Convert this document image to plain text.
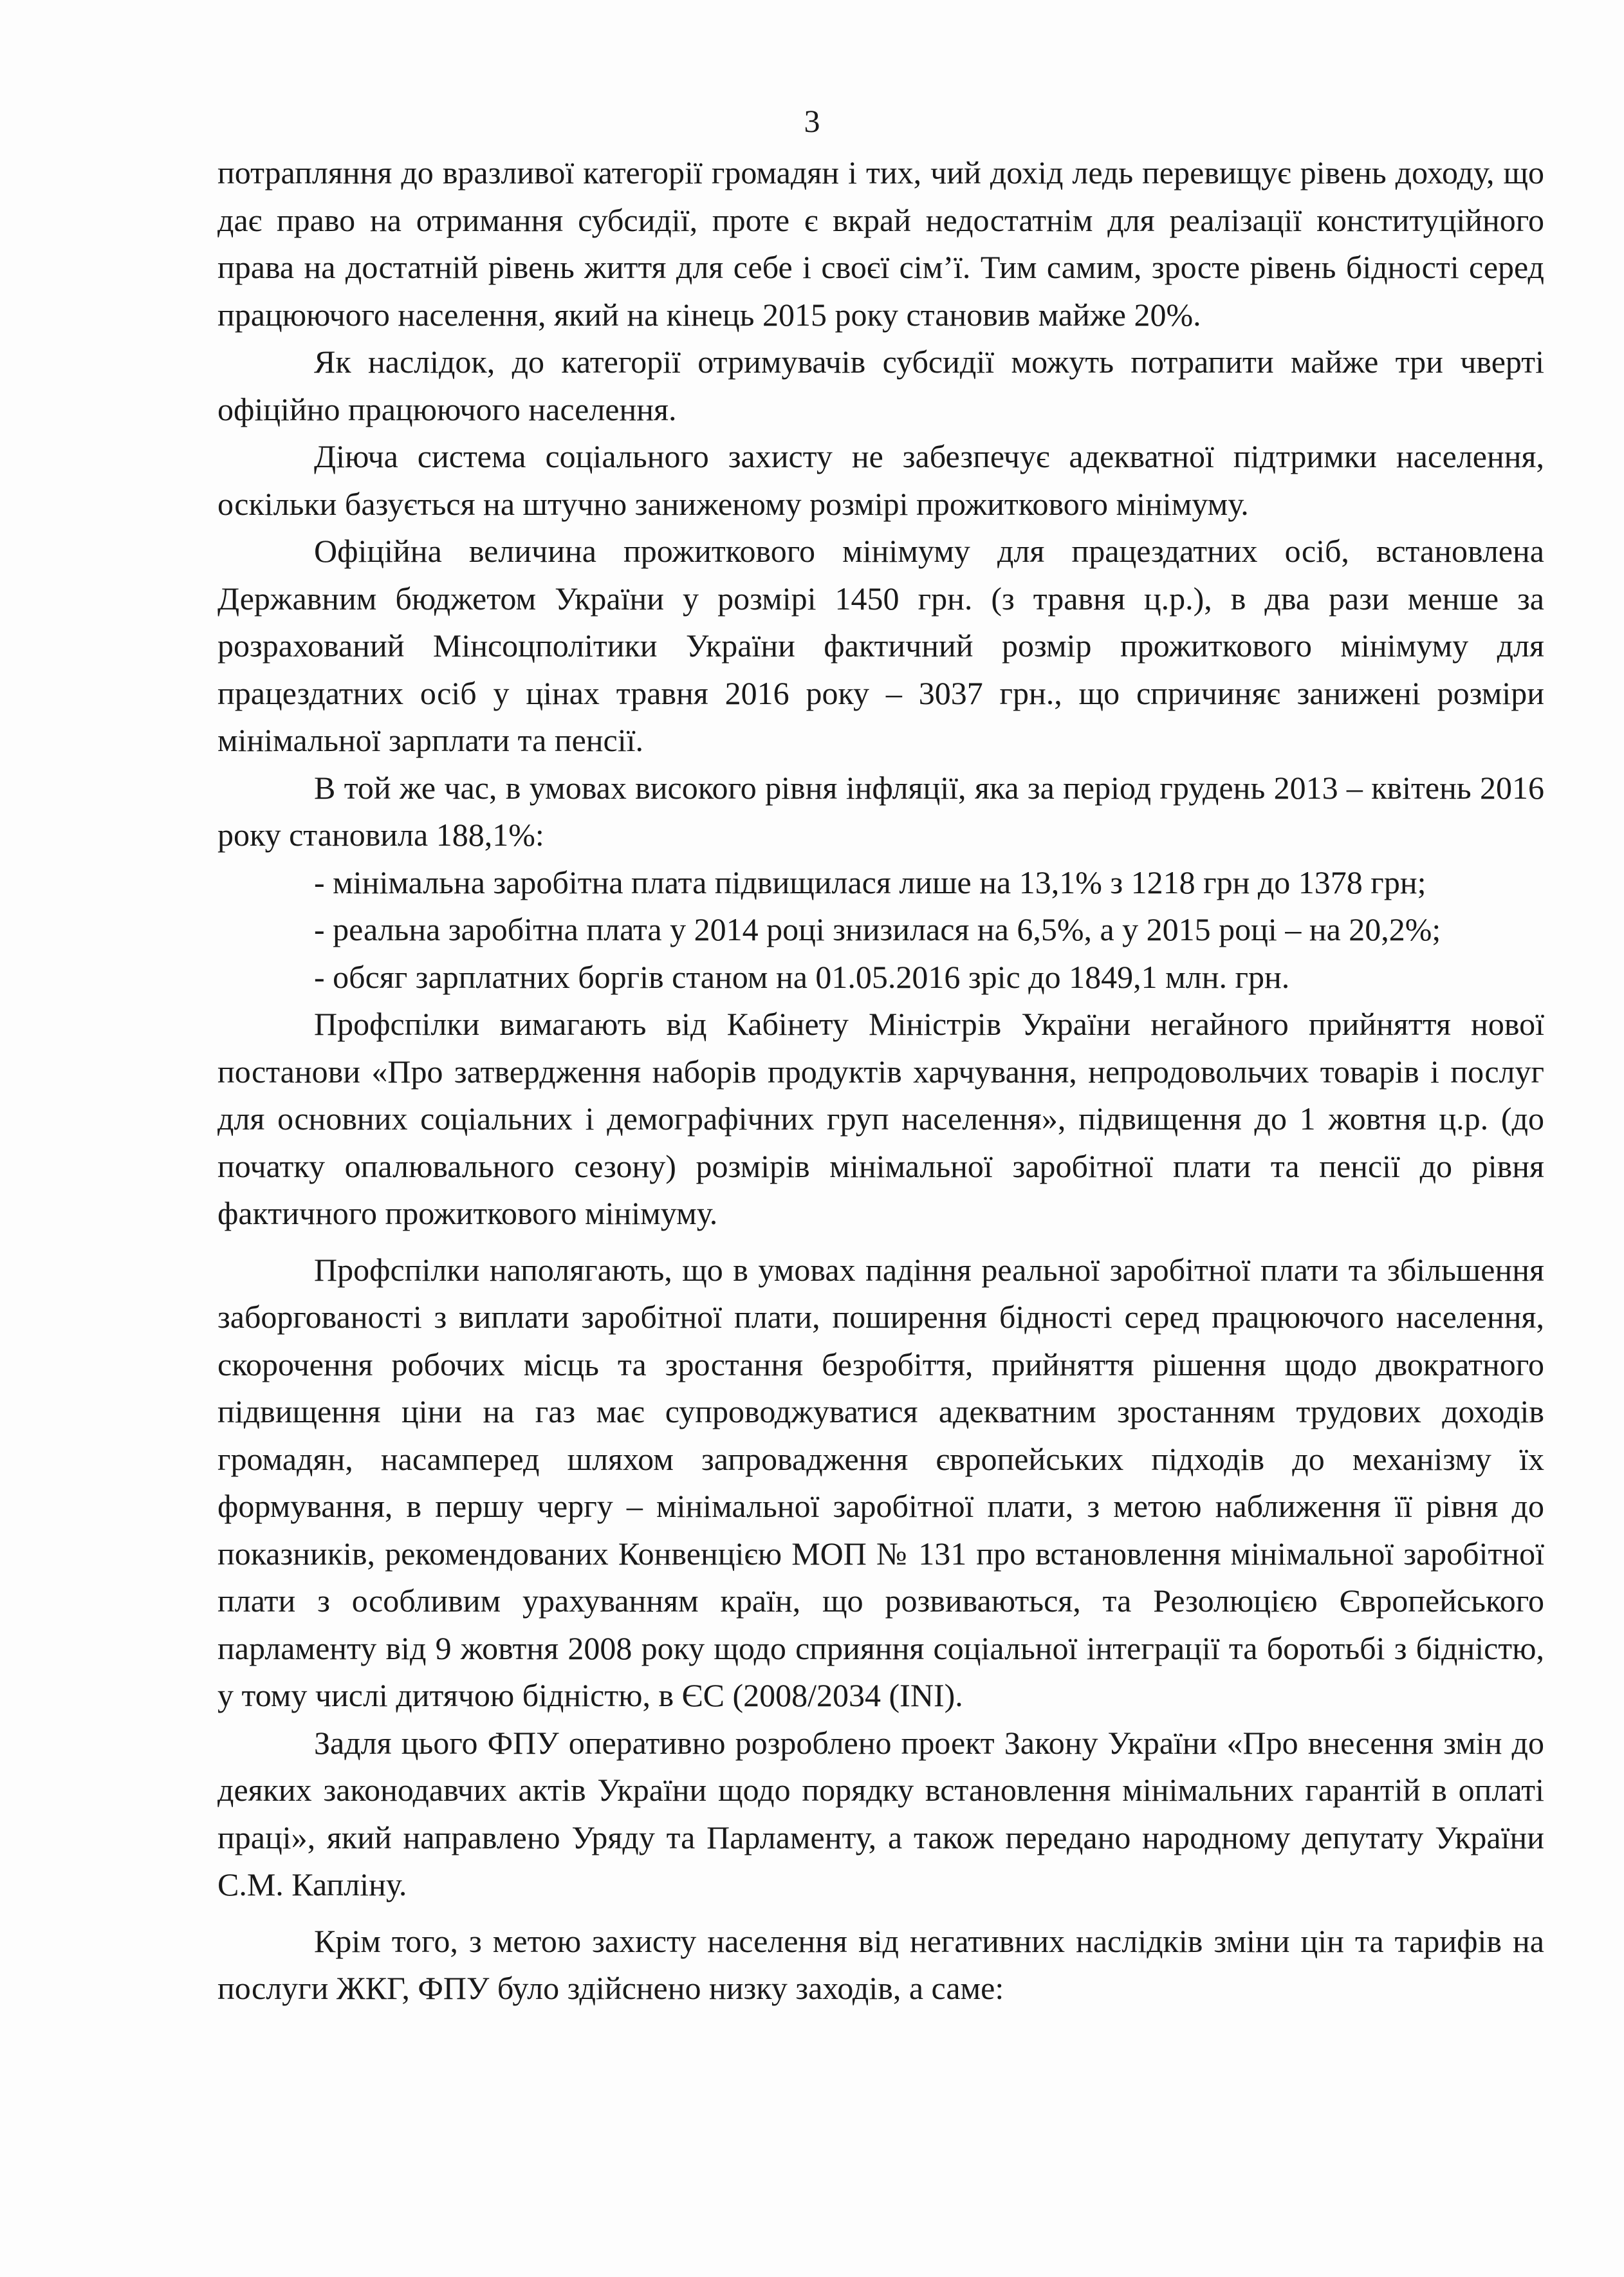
3

потрапляння до вразливої категорії громадян і тих, чий дохід ледь перевищує рівень доходу, що дає право на отримання субсидії, проте є вкрай недостатнім для реалізації конституційного права на достатній рівень життя для себе і своєї сім’ї. Тим самим, зросте рівень бідності серед працюючого населення, який на кінець 2015 року становив майже 20%.

Як наслідок, до категорії отримувачів субсидії можуть потрапити майже три чверті офіційно працюючого населення.

Діюча система соціального захисту не забезпечує адекватної підтримки населення, оскільки базується на штучно заниженому розмірі прожиткового мінімуму.

Офіційна величина прожиткового мінімуму для працездатних осіб, встановлена Державним бюджетом України у розмірі 1450 грн. (з травня ц.р.), в два рази менше за розрахований Мінсоцполітики України фактичний розмір прожиткового мінімуму для працездатних осіб у цінах травня 2016 року – 3037 грн., що спричиняє занижені розміри мінімальної зарплати та пенсії.

В той же час, в умовах високого рівня інфляції, яка за період грудень 2013 – квітень 2016 року становила 188,1%:

- мінімальна заробітна плата підвищилася лише на 13,1% з 1218 грн до 1378 грн;

- реальна заробітна плата у 2014 році знизилася на 6,5%, а у 2015 році – на 20,2%;

- обсяг зарплатних боргів станом на 01.05.2016 зріс до 1849,1 млн. грн.

Профспілки вимагають від Кабінету Міністрів України негайного прийняття нової постанови «Про затвердження наборів продуктів харчування, непродовольчих товарів і послуг для основних соціальних і демографічних груп населення», підвищення до 1 жовтня ц.р. (до початку опалювального сезону) розмірів мінімальної заробітної плати та пенсії до рівня фактичного прожиткового мінімуму.

Профспілки наполягають, що в умовах падіння реальної заробітної плати та збільшення заборгованості з виплати заробітної плати, поширення бідності серед працюючого населення, скорочення робочих місць та зростання безробіття, прийняття рішення щодо двократного підвищення ціни на газ має супроводжуватися адекватним зростанням трудових доходів громадян, насамперед шляхом запровадження європейських підходів до механізму їх формування, в першу чергу – мінімальної заробітної плати, з метою наближення її рівня до показників, рекомендованих Конвенцією МОП № 131 про встановлення мінімальної заробітної плати з особливим урахуванням країн, що розвиваються, та Резолюцією Європейського парламенту від 9 жовтня 2008 року щодо сприяння соціальної інтеграції та боротьбі з бідністю, у тому числі дитячою бідністю, в ЄС (2008/2034 (INI).

Задля цього ФПУ оперативно розроблено проект Закону України «Про внесення змін до деяких законодавчих актів України щодо порядку встановлення мінімальних гарантій в оплаті праці», який направлено Уряду та Парламенту, а також передано народному депутату України С.М. Капліну.

Крім того, з метою захисту населення від негативних наслідків зміни цін та тарифів на послуги ЖКГ, ФПУ було здійснено низку заходів, а саме:
